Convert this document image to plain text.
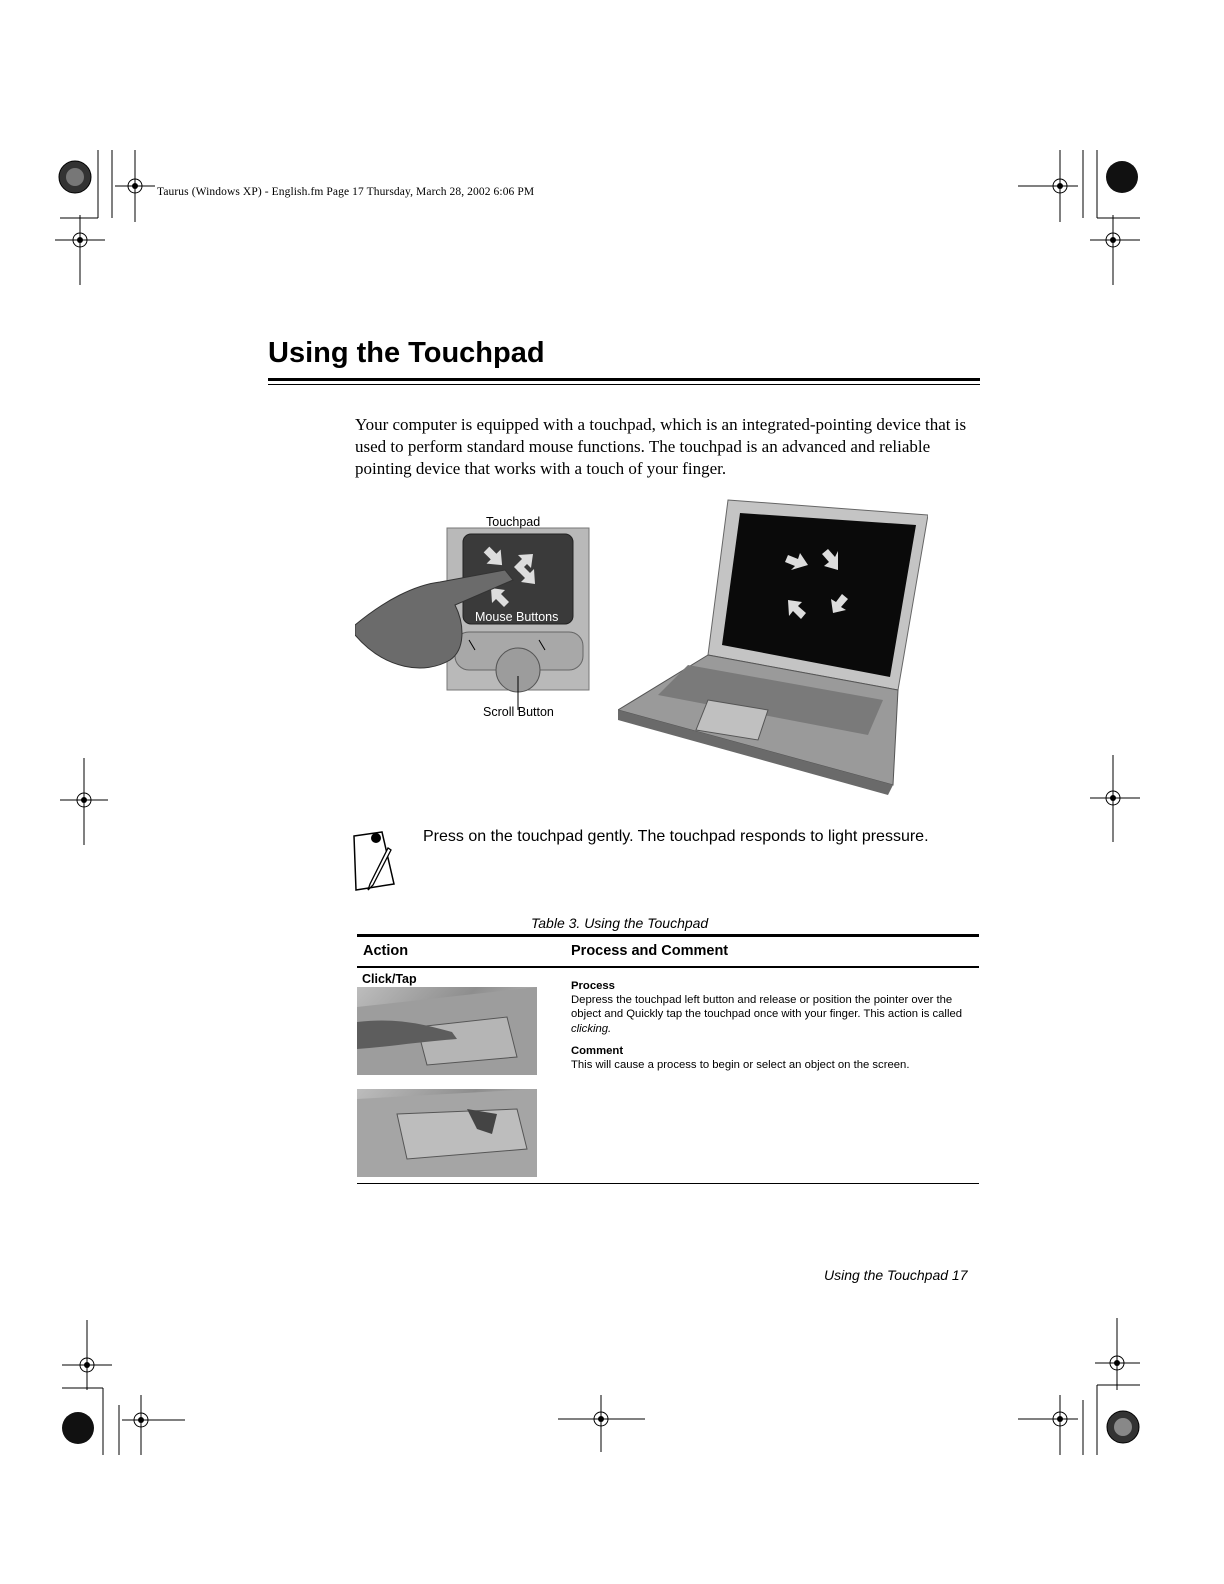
Taurus (Windows XP) - English.fm Page 17 Thursday, March 28, 2002 6:06 PM
Using the Touchpad

Your computer is equipped with a touchpad, which is an integrated-pointing device that is used to perform standard mouse functions. The touchpad is an advanced and reliable pointing device that works with a touch of your finger.

Touchpad
Mouse Buttons
Scroll Button
Press on the touchpad gently. The touchpad responds to light pressure.
Table 3. Using the Touchpad
Action	Process and Comment
Click/Tap	Process
Depress the touchpad left button and release or position the pointer over the object and Quickly tap the touchpad once with your finger. This action is called clicking.
Comment
This will cause a process to begin or select an object on the screen.
Using the Touchpad 17
